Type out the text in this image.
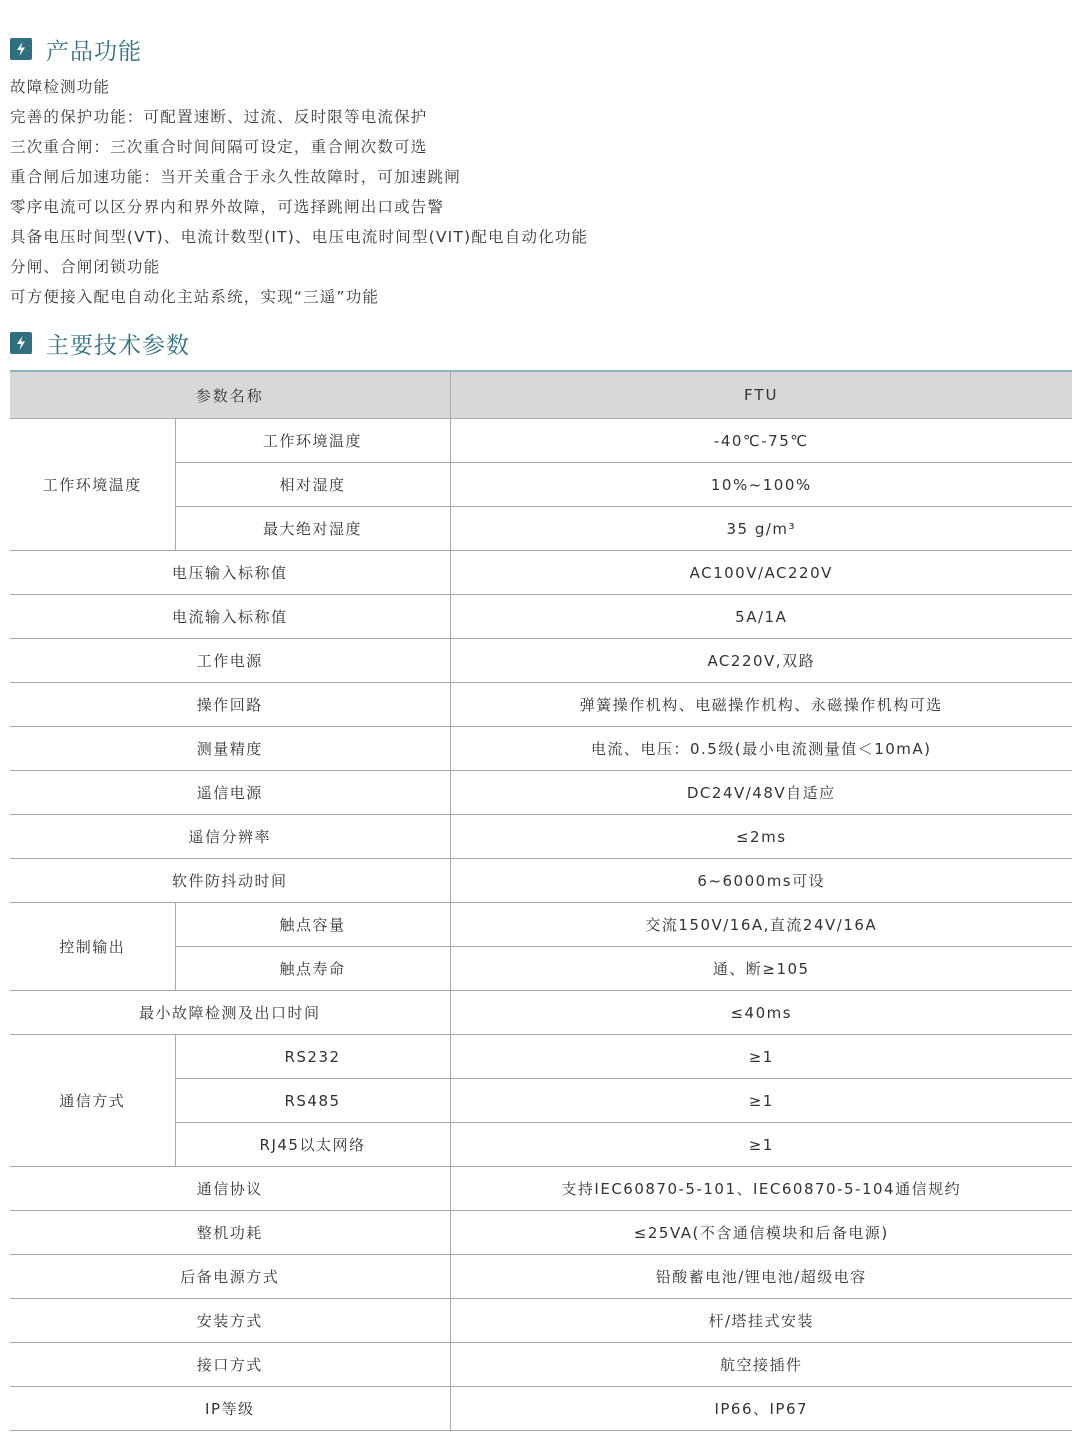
产品功能
故障检测功能
完善的保护功能：可配置速断、过流、反时限等电流保护
三次重合闸：三次重合时间间隔可设定，重合闸次数可选
重合闸后加速功能：当开关重合于永久性故障时，可加速跳闸
零序电流可以区分界内和界外故障，可选择跳闸出口或告警
具备电压时间型(VT)、电流计数型(IT)、电压电流时间型(VIT)配电自动化功能
分闸、合闸闭锁功能
可方便接入配电自动化主站系统，实现“三遥”功能
主要技术参数
参数名称		FTU
工作环境温度	工作环境温度	-40℃-75℃
	相对湿度	10%~100%
	最大绝对湿度	35 g/m³
电压输入标称值		AC100V/AC220V
电流输入标称值		5A/1A
工作电源		AC220V,双路
操作回路		弹簧操作机构、电磁操作机构、永磁操作机构可选
测量精度		电流、电压：0.5级(最小电流测量值＜10mA)
遥信电源		DC24V/48V自适应
遥信分辨率		≤2ms
软件防抖动时间		6~6000ms可设
控制输出	触点容量	交流150V/16A,直流24V/16A
	触点寿命	通、断≥105
最小故障检测及出口时间		≤40ms
通信方式	RS232	≥1
	RS485	≥1
	RJ45以太网络	≥1
通信协议		支持IEC60870-5-101、IEC60870-5-104通信规约
整机功耗		≤25VA(不含通信模块和后备电源)
后备电源方式		铅酸蓄电池/锂电池/超级电容
安装方式		杆/塔挂式安装
接口方式		航空接插件
IP等级		IP66、IP67
